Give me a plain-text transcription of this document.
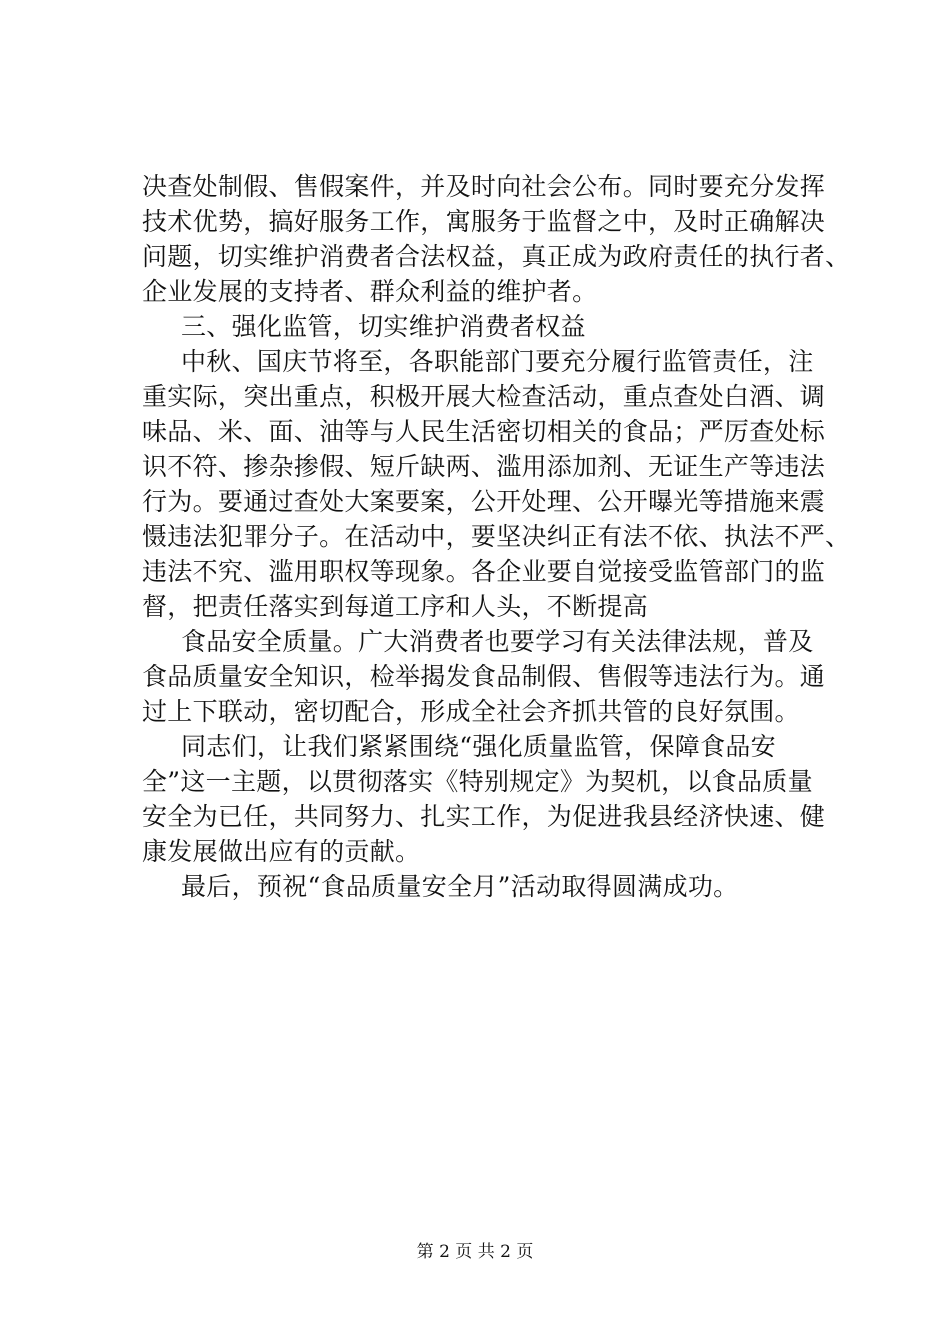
决查处制假、售假案件，并及时向社会公布。同时要充分发挥
技术优势，搞好服务工作，寓服务于监督之中，及时正确解决
问题，切实维护消费者合法权益，真正成为政府责任的执行者、
企业发展的支持者、群众利益的维护者。
三、强化监管，切实维护消费者权益
中秋、国庆节将至，各职能部门要充分履行监管责任，注
重实际，突出重点，积极开展大检查活动，重点查处白酒、调
味品、米、面、油等与人民生活密切相关的食品；严厉查处标
识不符、掺杂掺假、短斤缺两、滥用添加剂、无证生产等违法
行为。要通过查处大案要案，公开处理、公开曝光等措施来震
慑违法犯罪分子。在活动中，要坚决纠正有法不依、执法不严、
违法不究、滥用职权等现象。各企业要自觉接受监管部门的监
督，把责任落实到每道工序和人头，不断提高
食品安全质量。广大消费者也要学习有关法律法规，普及
食品质量安全知识，检举揭发食品制假、售假等违法行为。通
过上下联动，密切配合，形成全社会齐抓共管的良好氛围。
同志们，让我们紧紧围绕“强化质量监管，保障食品安
全”这一主题，以贯彻落实《特别规定》为契机，以食品质量
安全为已任，共同努力、扎实工作，为促进我县经济快速、健
康发展做出应有的贡献。
最后，预祝“食品质量安全月”活动取得圆满成功。
第 2 页 共 2 页
